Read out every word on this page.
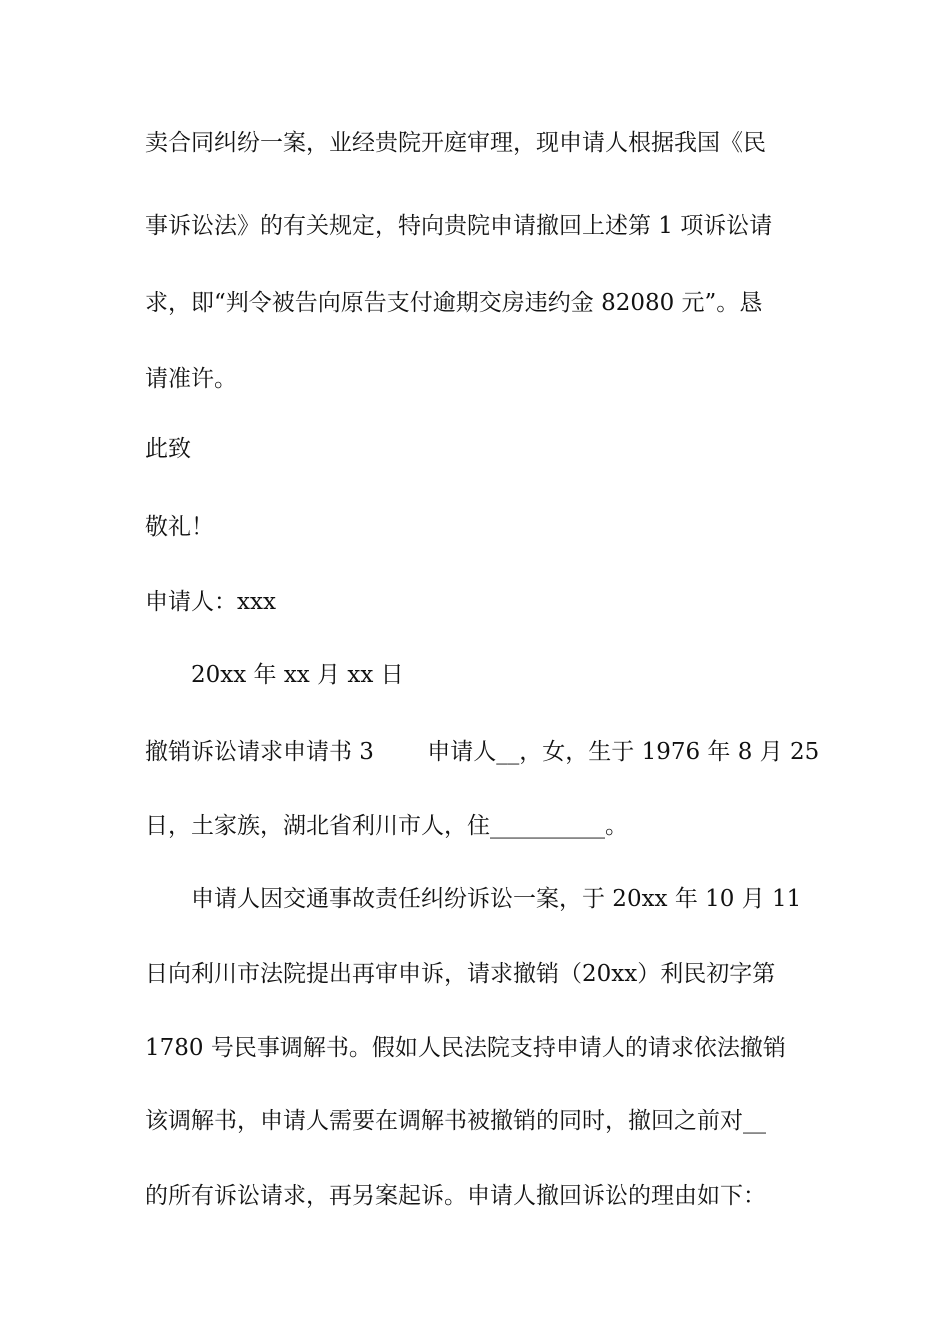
卖合同纠纷一案，业经贵院开庭审理，现申请人根据我国《民
事诉讼法》的有关规定，特向贵院申请撤回上述第 1 项诉讼请
求，即“判令被告向原告支付逾期交房违约金 82080 元”。恳
请准许。
此致
敬礼！
申请人：xxx
20xx 年 xx 月 xx 日
撤销诉讼请求申请书 3　　 申请人__，女，生于 1976 年 8 月 25
日，土家族，湖北省利川市人，住__________。
申请人因交通事故责任纠纷诉讼一案，于 20xx 年 10 月 11
日向利川市法院提出再审申诉，请求撤销（20xx）利民初字第
1780 号民事调解书。假如人民法院支持申请人的请求依法撤销
该调解书，申请人需要在调解书被撤销的同时，撤回之前对__
的所有诉讼请求，再另案起诉。申请人撤回诉讼的理由如下：
